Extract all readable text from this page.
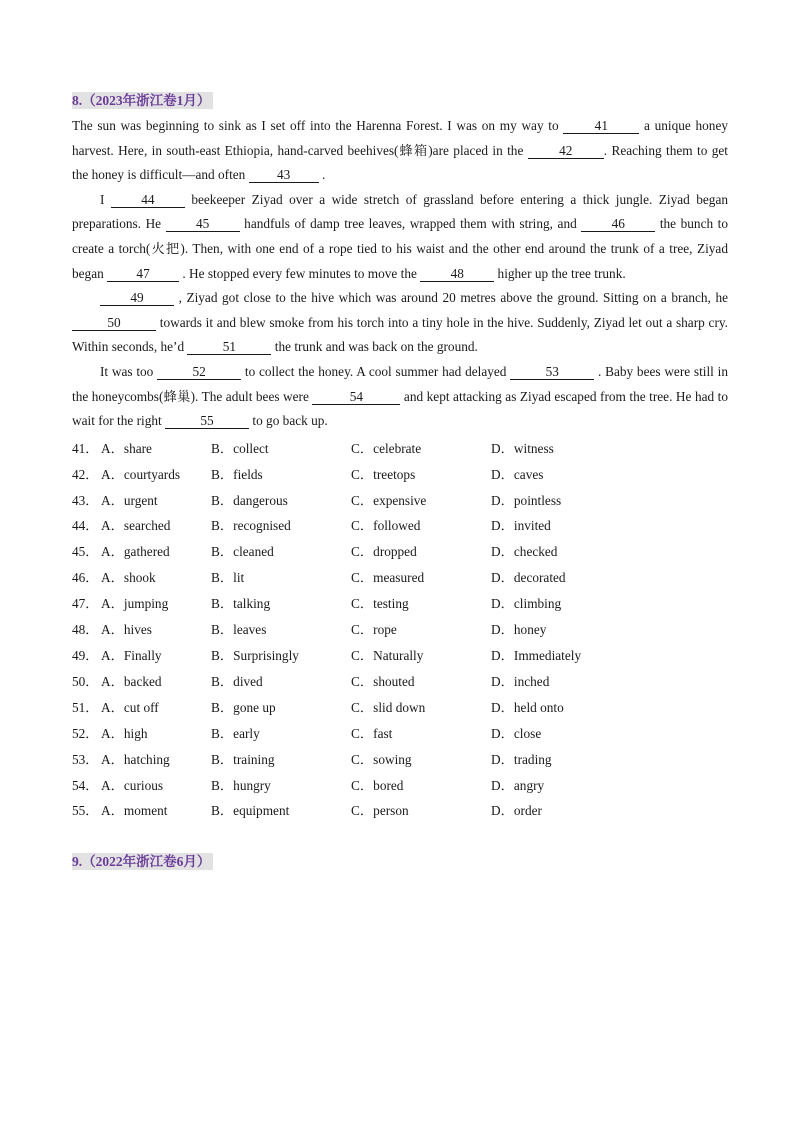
8.（2023年浙江卷1月）

The sun was beginning to sink as I set off into the Harenna Forest. I was on my way to 41 a unique honey harvest. Here, in south-east Ethiopia, hand-carved beehives(蜂箱)are placed in the 42 . Reaching them to get the honey is difficult—and often 43 .

I 44 beekeeper Ziyad over a wide stretch of grassland before entering a thick jungle. Ziyad began preparations. He 45 handfuls of damp tree leaves, wrapped them with string, and 46 the bunch to create a torch(火把). Then, with one end of a rope tied to his waist and the other end around the trunk of a tree, Ziyad began 47 . He stopped every few minutes to move the 48 higher up the tree trunk.

49 , Ziyad got close to the hive which was around 20 metres above the ground. Sitting on a branch, he 50	towards it and blew smoke from his torch into a tiny hole in the hive. Suddenly, Ziyad let out a sharp cry. Within seconds, he’d	51	the trunk and was back on the ground.

It was too	52	to collect the honey. A cool summer had delayed	53	. Baby bees were still in the honeycombs(蜂巢). The adult bees were	54	and kept attacking as Ziyad escaped from the tree. He had to wait for the right	55	to go back up.

41． A．share	B．collect	C．celebrate	D．witness
42． A．courtyards	B．fields	C．treetops	D．caves
43． A．urgent	B．dangerous	C．expensive	D．pointless
44． A．searched	B．recognised	C．followed	D．invited
45． A．gathered	B．cleaned	C．dropped	D．checked
46． A．shook	B．lit	C．measured	D．decorated
47． A．jumping	B．talking	C．testing	D．climbing
48． A．hives	B．leaves	C．rope	D．honey
49． A．Finally	B．Surprisingly	C．Naturally	D．Immediately
50． A．backed	B．dived	C．shouted	D．inched
51． A．cut off	B．gone up	C．slid down	D．held onto
52． A．high	B．early	C．fast	D．close
53． A．hatching	B．training	C．sowing	D．trading
54． A．curious	B．hungry	C．bored	D．angry
55． A．moment	B．equipment	C．person	D．order
9.（2022年浙江卷6月）
